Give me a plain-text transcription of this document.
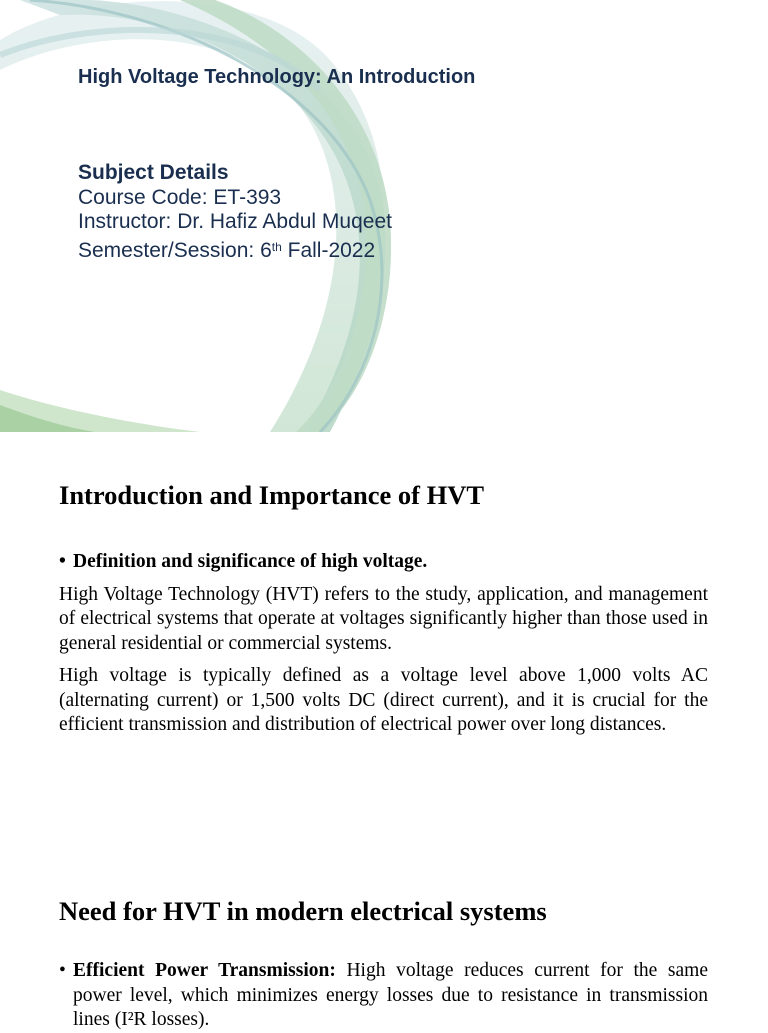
High Voltage Technology: An Introduction
Subject Details
Course Code: ET-393
Instructor: Dr. Hafiz Abdul Muqeet
Semester/Session: 6th Fall-2022
Introduction and Importance of HVT
• Definition and significance of high voltage.

High Voltage Technology (HVT) refers to the study, application, and management of electrical systems that operate at voltages significantly higher than those used in general residential or commercial systems.

High voltage is typically defined as a voltage level above 1,000 volts AC (alternating current) or 1,500 volts DC (direct current), and it is crucial for the efficient transmission and distribution of electrical power over long distances.

Need for HVT in modern electrical systems
• Efficient Power Transmission: High voltage reduces current for the same power level, which minimizes energy losses due to resistance in transmission lines (I²R losses).
